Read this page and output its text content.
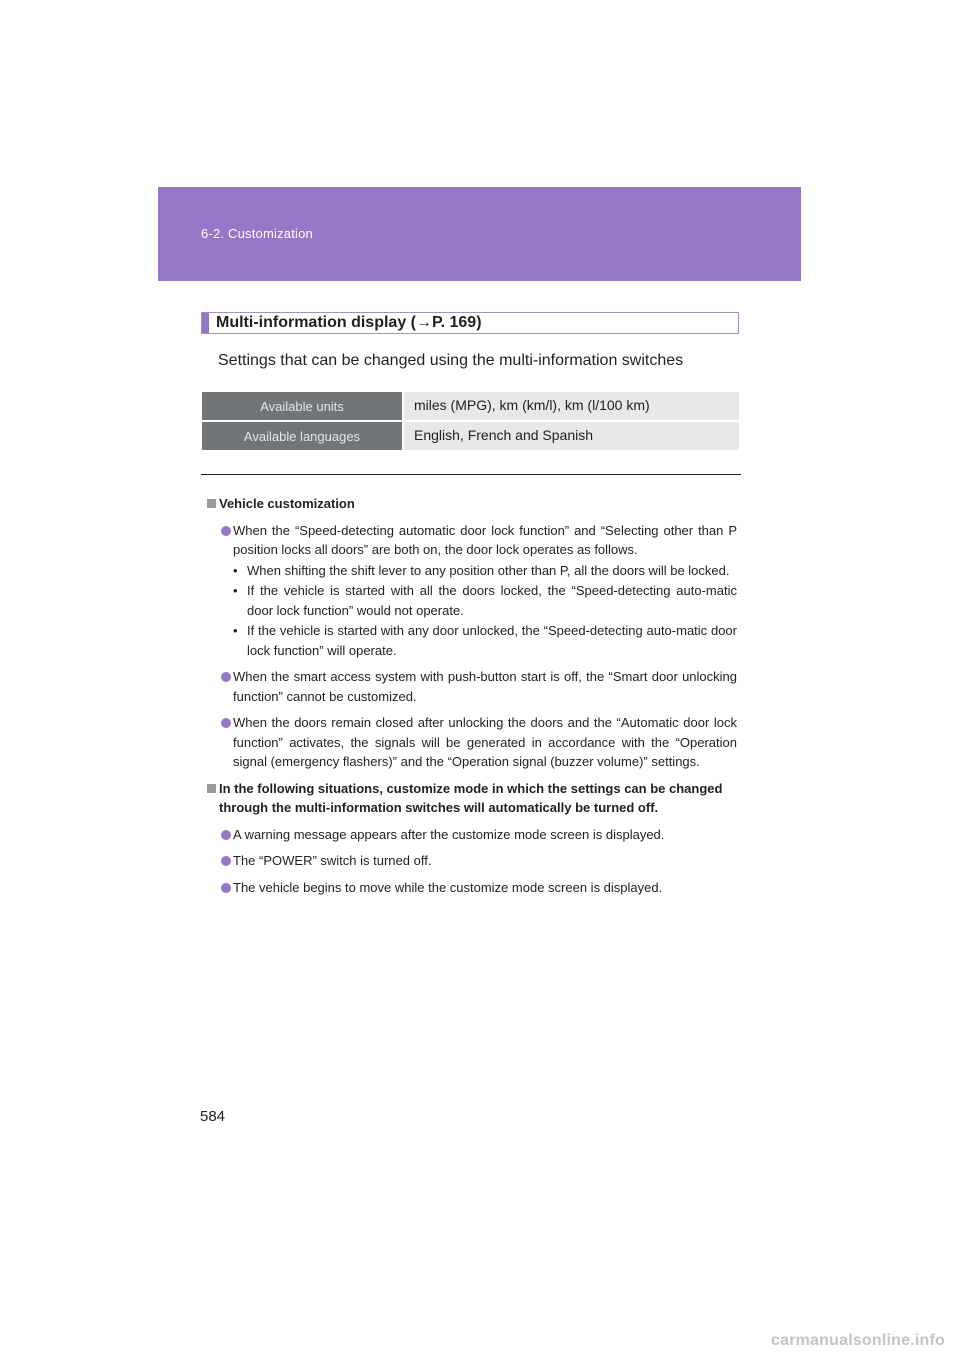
6-2. Customization
Multi-information display (→P. 169)
Settings that can be changed using the multi-information switches
Available units	miles (MPG), km (km/l), km (l/100 km)
Available languages	English, French and Spanish
Vehicle customization
When the “Speed-detecting automatic door lock function” and “Selecting other than P position locks all doors” are both on, the door lock operates as follows.
• When shifting the shift lever to any position other than P, all the doors will be locked.
• If the vehicle is started with all the doors locked, the “Speed-detecting auto-matic door lock function” would not operate.
• If the vehicle is started with any door unlocked, the “Speed-detecting auto-matic door lock function” will operate.
When the smart access system with push-button start is off, the “Smart door unlocking function” cannot be customized.
When the doors remain closed after unlocking the doors and the “Automatic door lock function” activates, the signals will be generated in accordance with the “Operation signal (emergency flashers)” and the “Operation signal (buzzer volume)” settings.
In the following situations, customize mode in which the settings can be changed through the multi-information switches will automatically be turned off.
A warning message appears after the customize mode screen is displayed.
The “POWER” switch is turned off.
The vehicle begins to move while the customize mode screen is displayed.
584
carmanualsonline.info
